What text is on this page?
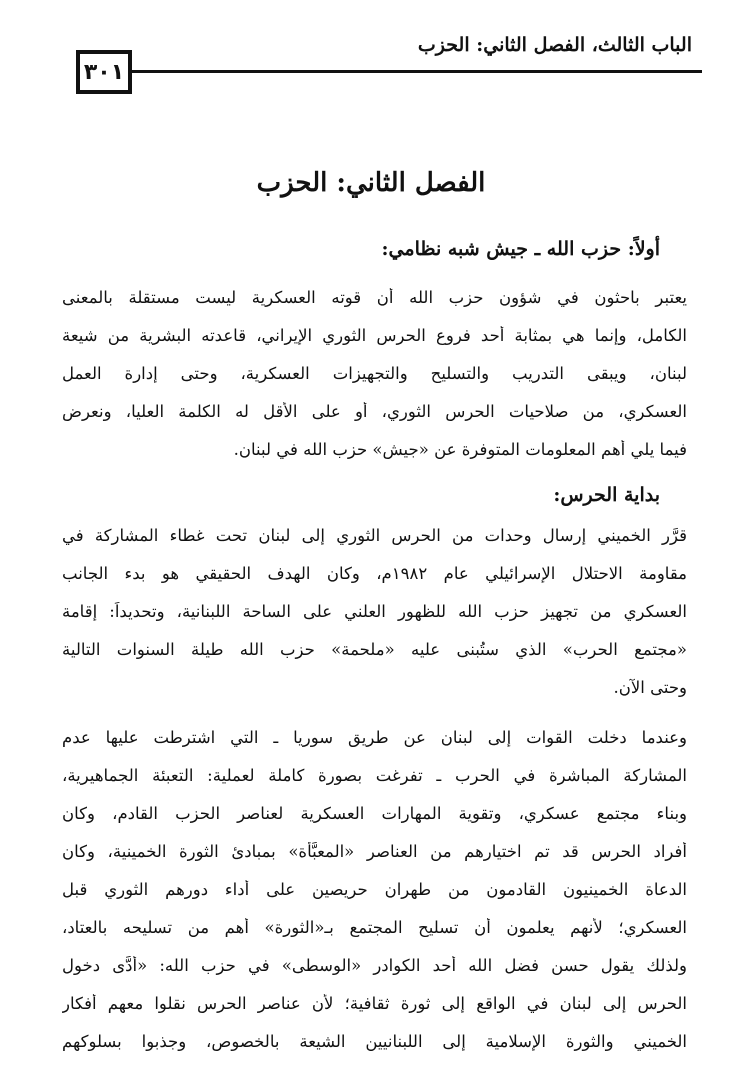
الباب الثالث، الفصل الثاني: الحزب
٣٠١
الفصل الثاني: الحزب
أولاً: حزب الله ـ جيش شبه نظامي:
يعتبر باحثون في شؤون حزب الله أن قوته العسكرية ليست مستقلة بالمعنى
الكامل، وإنما هي بمثابة أحد فروع الحرس الثوري الإيراني، قاعدته البشرية من شيعة
لبنان، ويبقى التدريب والتسليح والتجهيزات العسكرية، وحتى إدارة العمل
العسكري، من صلاحيات الحرس الثوري، أو على الأقل له الكلمة العليا، ونعرض
فيما يلي أهم المعلومات المتوفرة عن «جيش» حزب الله في لبنان.
بداية الحرس:
قرَّر الخميني إرسال وحدات من الحرس الثوري إلى لبنان تحت غطاء المشاركة في
مقاومة الاحتلال الإسرائيلي عام ١٩٨٢م، وكان الهدف الحقيقي هو بدء الجانب
العسكري من تجهيز حزب الله للظهور العلني على الساحة اللبنانية، وتحديداً: إقامة
«مجتمع الحرب» الذي ستُبنى عليه «ملحمة» حزب الله طيلة السنوات التالية
وحتى الآن.
وعندما دخلت القوات إلى لبنان عن طريق سوريا ـ التي اشترطت عليها عدم
المشاركة المباشرة في الحرب ـ تفرغت بصورة كاملة لعملية: التعبئة الجماهيرية،
وبناء مجتمع عسكري، وتقوية المهارات العسكرية لعناصر الحزب القادم، وكان
أفراد الحرس قد تم اختيارهم من العناصر «المعبَّأة» بمبادئ الثورة الخمينية، وكان
الدعاة الخمينيون القادمون من طهران حريصين على أداء دورهم الثوري قبل
العسكري؛ لأنهم يعلمون أن تسليح المجتمع بـ«الثورة» أهم من تسليحه بالعتاد،
ولذلك يقول حسن فضل الله أحد الكوادر «الوسطى» في حزب الله: «أدَّى دخول
الحرس إلى لبنان في الواقع إلى ثورة ثقافية؛ لأن عناصر الحرس نقلوا معهم أفكار
الخميني والثورة الإسلامية إلى اللبنانيين الشيعة بالخصوص، وجذبوا بسلوكهم
